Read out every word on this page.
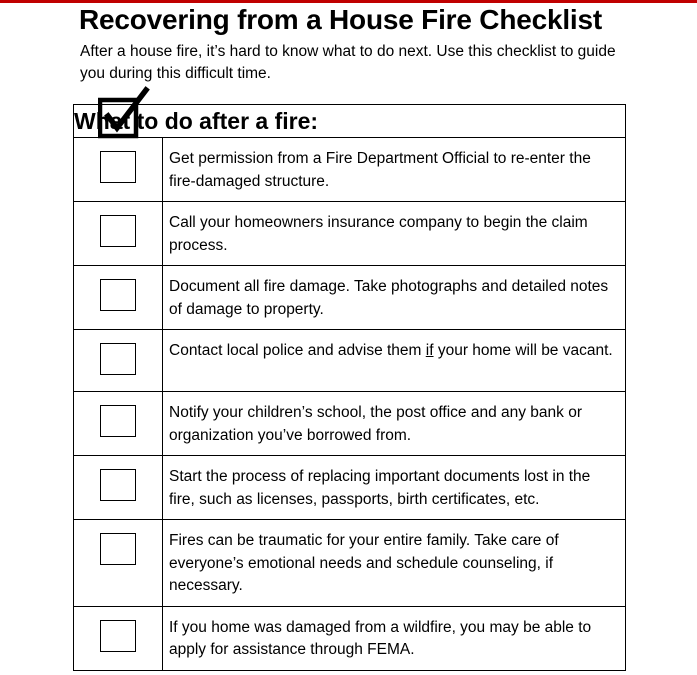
Recovering from a House Fire Checklist
After a house fire, it’s hard to know what to do next. Use this checklist to guide you during this difficult time.
What to do after a fire:	
	Get permission from a Fire Department Official to re-enter the fire-damaged structure.
	Call your homeowners insurance company to begin the claim process.
	Document all fire damage. Take photographs and detailed notes of damage to property.
	Contact local police and advise them if your home will be vacant.
	Notify your children’s school, the post office and any bank or organization you’ve borrowed from.
	Start the process of replacing important documents lost in the fire, such as licenses, passports, birth certificates, etc.
	Fires can be traumatic for your entire family. Take care of everyone’s emotional needs and schedule counseling, if necessary.
	If you home was damaged from a wildfire, you may be able to apply for assistance through FEMA.
